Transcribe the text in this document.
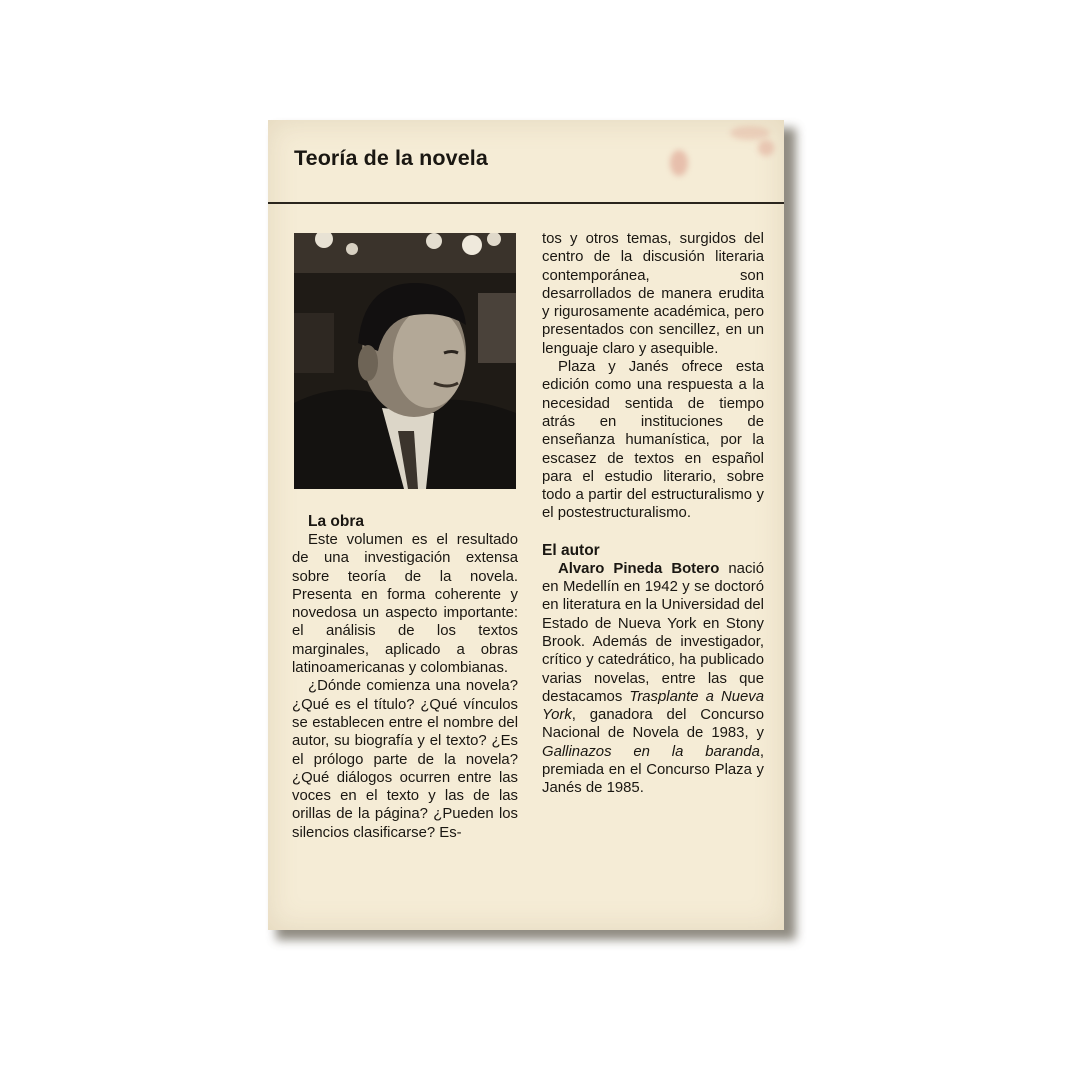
Teoría de la novela
La obra

Este volumen es el resultado de una investigación extensa sobre teoría de la novela. Presenta en forma coherente y novedosa un aspecto importante: el análisis de los textos marginales, aplicado a obras latinoamericanas y colombianas.

¿Dónde comienza una novela? ¿Qué es el título? ¿Qué vínculos se establecen entre el nombre del autor, su biografía y el texto? ¿Es el prólogo parte de la novela? ¿Qué diálogos ocurren entre las voces en el texto y las de las orillas de la página? ¿Pueden los silencios clasificarse? Es-

tos y otros temas, surgidos del centro de la discusión literaria contemporánea, son desarrollados de manera erudita y rigurosamente académica, pero presentados con sencillez, en un lenguaje claro y asequible.

Plaza y Janés ofrece esta edición como una respuesta a la necesidad sentida de tiempo atrás en instituciones de enseñanza humanística, por la escasez de textos en español para el estudio literario, sobre todo a partir del estructuralismo y el postestructuralismo.

El autor

Alvaro Pineda Botero nació en Medellín en 1942 y se doctoró en literatura en la Universidad del Estado de Nueva York en Stony Brook. Además de investigador, crítico y catedrático, ha publicado varias novelas, entre las que destacamos Trasplante a Nueva York, ganadora del Concurso Nacional de Novela de 1983, y Gallinazos en la baranda, premiada en el Concurso Plaza y Janés de 1985.
